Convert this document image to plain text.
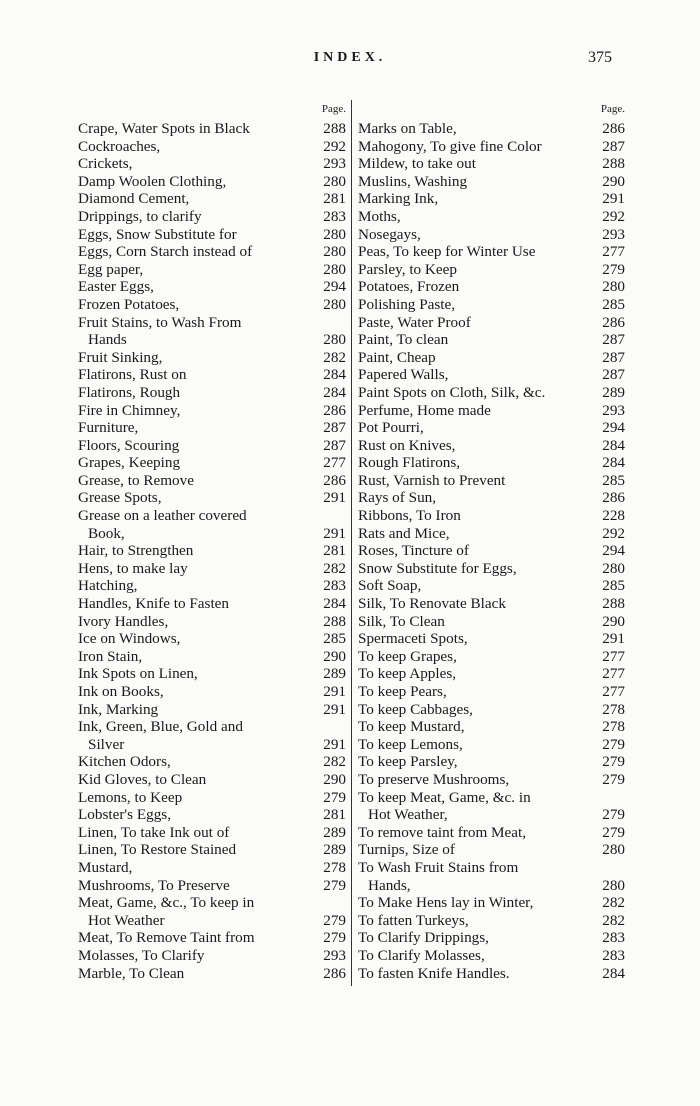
INDEX.	375
Page.
Crape, Water Spots in Black	288
Cockroaches,	292
Crickets,	293
Damp Woolen Clothing,	280
Diamond Cement,	281
Drippings, to clarify	283
Eggs, Snow Substitute for	280
Eggs, Corn Starch instead of	280
Egg paper,	280
Easter Eggs,	294
Frozen Potatoes,	280
Fruit Stains, to Wash From
Hands	280
Fruit Sinking,	282
Flatirons, Rust on	284
Flatirons, Rough	284
Fire in Chimney,	286
Furniture,	287
Floors, Scouring	287
Grapes, Keeping	277
Grease, to Remove	286
Grease Spots,	291
Grease on a leather covered
Book,	291
Hair, to Strengthen	281
Hens, to make lay	282
Hatching,	283
Handles, Knife to Fasten	284
Ivory Handles,	288
Ice on Windows,	285
Iron Stain,	290
Ink Spots on Linen,	289
Ink on Books,	291
Ink, Marking	291
Ink, Green, Blue, Gold and
Silver	291
Kitchen Odors,	282
Kid Gloves, to Clean	290
Lemons, to Keep	279
Lobster's Eggs,	281
Linen, To take Ink out of	289
Linen, To Restore Stained	289
Mustard,	278
Mushrooms, To Preserve	279
Meat, Game, &c., To keep in
Hot Weather	279
Meat, To Remove Taint from	279
Molasses, To Clarify	293
Marble, To Clean	286
Page.
Marks on Table,	286
Mahogony, To give fine Color	287
Mildew, to take out	288
Muslins, Washing	290
Marking Ink,	291
Moths,	292
Nosegays,	293
Peas, To keep for Winter Use	277
Parsley, to Keep	279
Potatoes, Frozen	280
Polishing Paste,	285
Paste, Water Proof	286
Paint, To clean	287
Paint, Cheap	287
Papered Walls,	287
Paint Spots on Cloth, Silk, &c.	289
Perfume, Home made	293
Pot Pourri,	294
Rust on Knives,	284
Rough Flatirons,	284
Rust, Varnish to Prevent	285
Rays of Sun,	286
Ribbons, To Iron	228
Rats and Mice,	292
Roses, Tincture of	294
Snow Substitute for Eggs,	280
Soft Soap,	285
Silk, To Renovate Black	288
Silk, To Clean	290
Spermaceti Spots,	291
To keep Grapes,	277
To keep Apples,	277
To keep Pears,	277
To keep Cabbages,	278
To keep Mustard,	278
To keep Lemons,	279
To keep Parsley,	279
To preserve Mushrooms,	279
To keep Meat, Game, &c. in
Hot Weather,	279
To remove taint from Meat,	279
Turnips, Size of	280
To Wash Fruit Stains from
Hands,	280
To Make Hens lay in Winter,	282
To fatten Turkeys,	282
To Clarify Drippings,	283
To Clarify Molasses,	283
To fasten Knife Handles.	284
